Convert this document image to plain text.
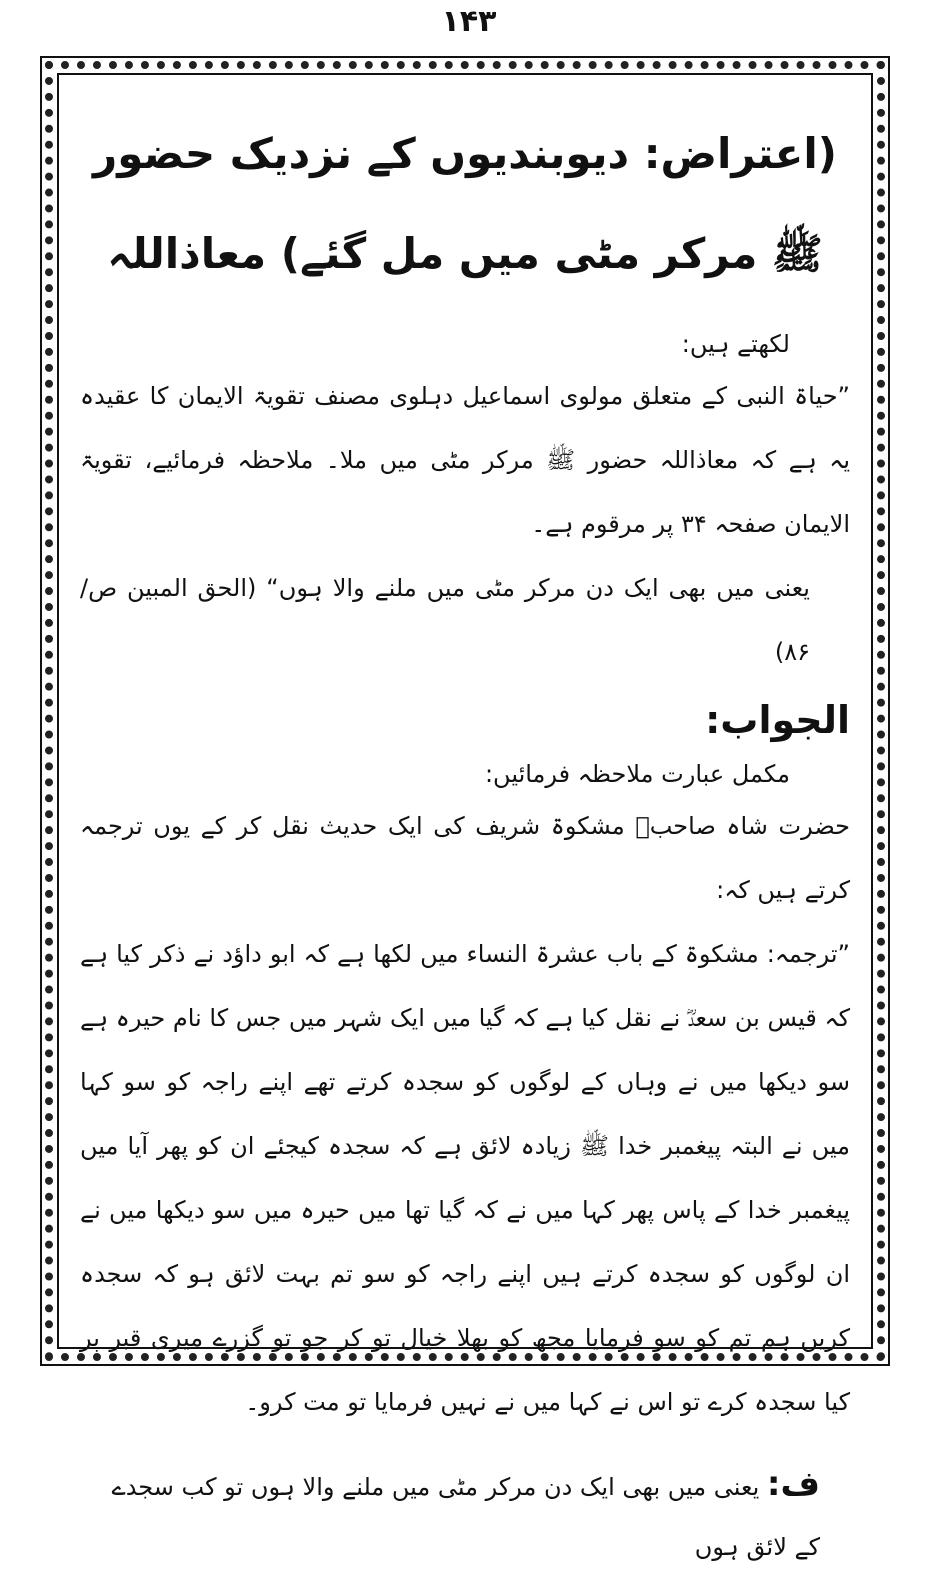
۱۴۳
(اعتراض: دیوبندیوں کے نزدیک حضور ﷺ مرکر مٹی میں مل گئے) معاذاللہ
لکھتے ہیں:

”حیاۃ النبی کے متعلق مولوی اسماعیل دہلوی مصنف تقویۃ الایمان کا عقیدہ یہ ہے کہ معاذاللہ حضور ﷺ مرکر مٹی میں ملا۔ ملاحظہ فرمائیے، تقویۃ الایمان صفحہ ۳۴ پر مرقوم ہے۔

یعنی میں بھی ایک دن مرکر مٹی میں ملنے والا ہوں“ (الحق المبین ص/ ۸۶)

الجواب:
مکمل عبارت ملاحظہ فرمائیں:

حضرت شاہ صاحبؒ مشکوۃ شریف کی ایک حدیث نقل کر کے یوں ترجمہ کرتے ہیں کہ:

”ترجمہ: مشکوۃ کے باب عشرۃ النساء میں لکھا ہے کہ ابو داؤد نے ذکر کیا ہے کہ قیس بن سعدؓ نے نقل کیا ہے کہ گیا میں ایک شہر میں جس کا نام حیرہ ہے سو دیکھا میں نے وہاں کے لوگوں کو سجدہ کرتے تھے اپنے راجہ کو سو کہا میں نے البتہ پیغمبر خدا ﷺ زیادہ لائق ہے کہ سجدہ کیجئے ان کو پھر آیا میں پیغمبر خدا کے پاس پھر کہا میں نے کہ گیا تھا میں حیرہ میں سو دیکھا میں نے ان لوگوں کو سجدہ کرتے ہیں اپنے راجہ کو سو تم بہت لائق ہو کہ سجدہ کریں ہم تم کو سو فرمایا مجھ کو بھلا خیال تو کر جو تو گزرے میری قبر پر کیا سجدہ کرے تو اس نے کہا میں نے نہیں فرمایا تو مت کرو۔

ف: یعنی میں بھی ایک دن مرکر مٹی میں ملنے والا ہوں تو کب سجدے کے لائق ہوں
